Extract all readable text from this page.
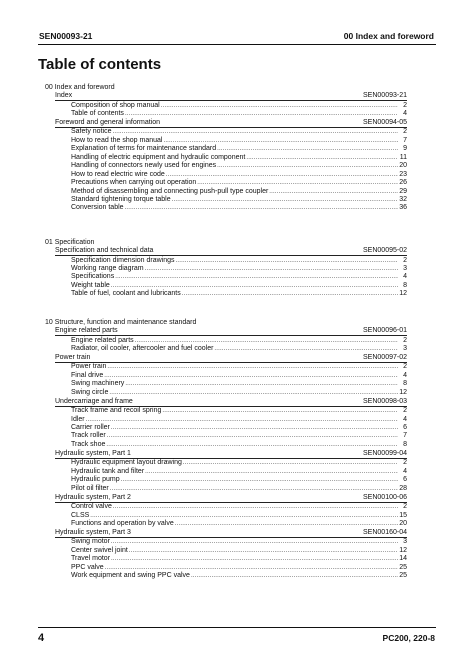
SEN00093-21	00 Index and foreword
Table of contents
00 Index and foreword
Index	SEN00093-21
Composition of shop manual .....	2
Table of contents .....	4
Foreword and general information	SEN00094-05
Safety notice .....	2
How to read the shop manual .....	7
Explanation of terms for maintenance standard .....	9
Handling of electric equipment and hydraulic component .....	11
Handling of connectors newly used for engines .....	20
How to read electric wire code .....	23
Precautions when carrying out operation .....	26
Method of disassembling and connecting push-pull type coupler .....	29
Standard tightening torque table .....	32
Conversion table .....	36
01 Specification
Specification and technical data	SEN00095-02
Specification dimension drawings .....	2
Working range diagram .....	3
Specifications .....	4
Weight table .....	8
Table of fuel, coolant and lubricants .....	12
10 Structure, function and maintenance standard
Engine related parts	SEN00096-01
Engine related parts .....	2
Radiator, oil cooler, aftercooler and fuel cooler .....	3
Power train	SEN00097-02
Power train .....	2
Final drive .....	4
Swing machinery .....	8
Swing circle .....	12
Undercarriage and frame	SEN00098-03
Track frame and recoil spring .....	2
Idler .....	4
Carrier roller .....	6
Track roller .....	7
Track shoe .....	8
Hydraulic system, Part 1	SEN00099-04
Hydraulic equipment layout drawing .....	2
Hydraulic tank and filter .....	4
Hydraulic pump .....	6
Pilot oil filter .....	28
Hydraulic system, Part 2	SEN00100-06
Control valve .....	2
CLSS .....	15
Functions and operation by valve .....	20
Hydraulic system, Part 3	SEN00160-04
Swing motor .....	3
Center swivel joint .....	12
Travel motor .....	14
PPC valve .....	25
Work equipment and swing PPC valve .....	25
4	PC200, 220-8
